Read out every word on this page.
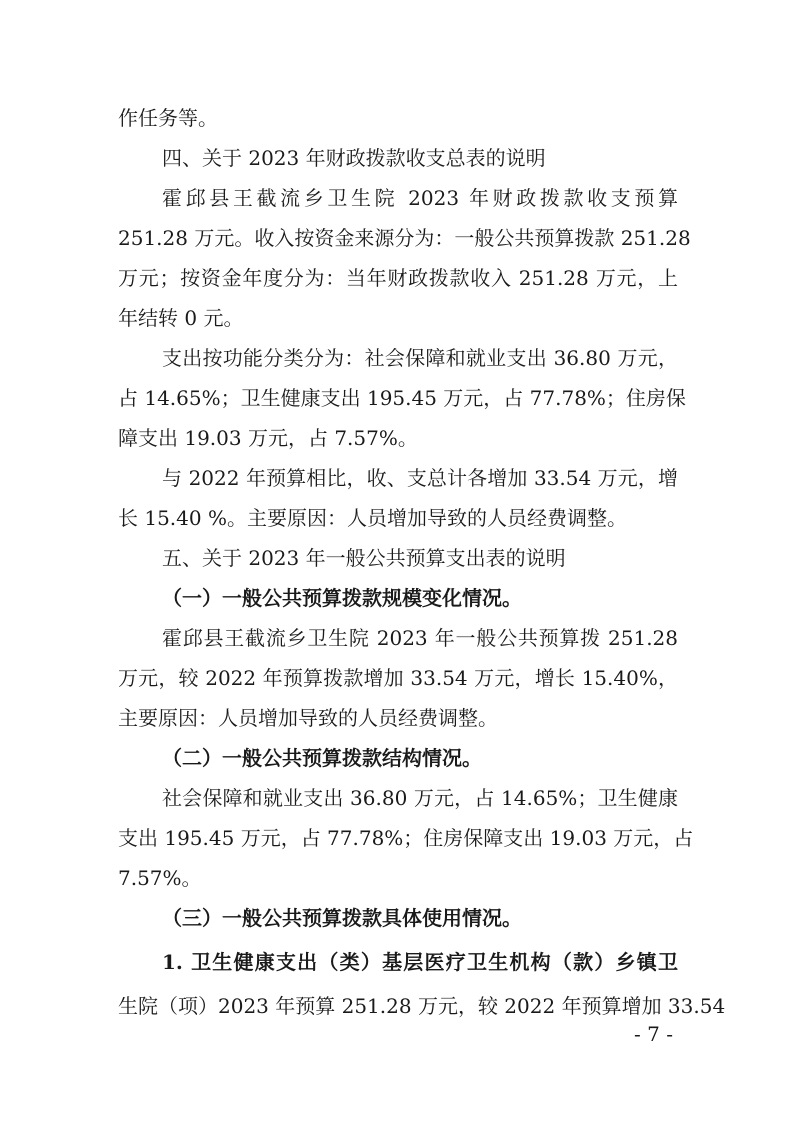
作任务等。
四、关于 2023 年财政拨款收支总表的说明
霍邱县王截流乡卫生院 2023 年财政拨款收支预算
251.28 万元。收入按资金来源分为：一般公共预算拨款 251.28
万元；按资金年度分为：当年财政拨款收入 251.28 万元，上
年结转 0 元。
支出按功能分类分为：社会保障和就业支出 36.80 万元，
占 14.65%；卫生健康支出 195.45 万元，占 77.78%；住房保
障支出 19.03 万元，占 7.57%。
与 2022 年预算相比，收、支总计各增加 33.54 万元，增
长 15.40 %。主要原因：人员增加导致的人员经费调整。
五、关于 2023 年一般公共预算支出表的说明
（一）一般公共预算拨款规模变化情况。
霍邱县王截流乡卫生院 2023 年一般公共预算拨 251.28
万元，较 2022 年预算拨款增加 33.54 万元，增长 15.40%，
主要原因：人员增加导致的人员经费调整。
（二）一般公共预算拨款结构情况。
社会保障和就业支出 36.80 万元，占 14.65%；卫生健康
支出 195.45 万元，占 77.78%；住房保障支出 19.03 万元，占
7.57%。
（三）一般公共预算拨款具体使用情况。
1. 卫生健康支出（类）基层医疗卫生机构（款）乡镇卫
生院（项）2023 年预算 251.28 万元，较 2022 年预算增加 33.54
- 7 -
